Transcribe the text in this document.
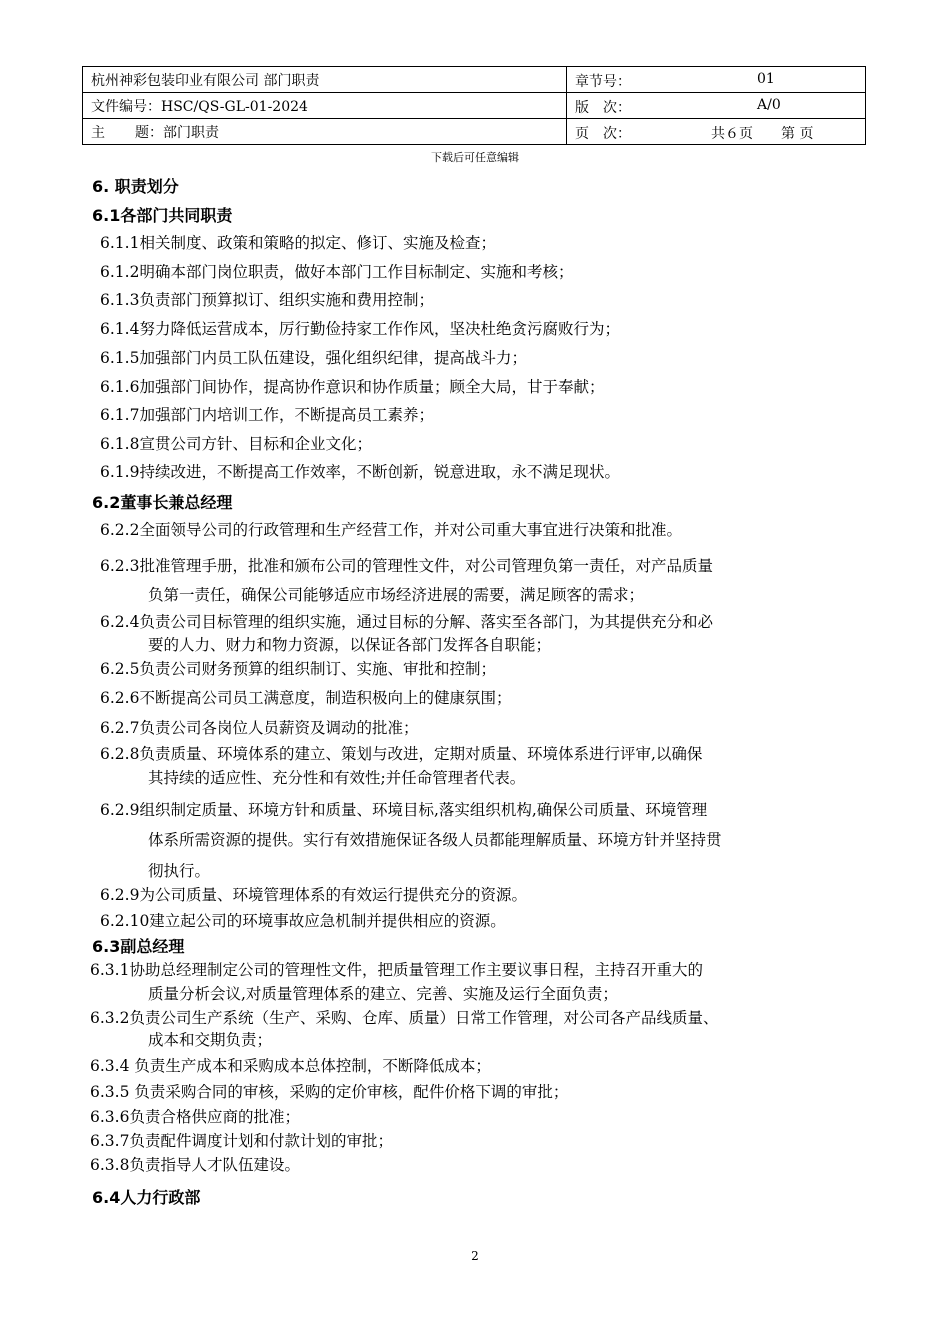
杭州神彩包装印业有限公司 部门职责	章节号： 01

文件编号：HSC/QS-GL-01-2024	版　次： A/0

主 题：部门职责	页　次： 共６页　　第 页
下载后可任意编辑
6. 职责划分
6.1各部门共同职责
6.1.1相关制度、政策和策略的拟定、修订、实施及检查；
6.1.2明确本部门岗位职责，做好本部门工作目标制定、实施和考核；
6.1.3负责部门预算拟订、组织实施和费用控制；
6.1.4努力降低运营成本，厉行勤俭持家工作作风，坚决杜绝贪污腐败行为；
6.1.5加强部门内员工队伍建设，强化组织纪律，提高战斗力；
6.1.6加强部门间协作，提高协作意识和协作质量；顾全大局，甘于奉献；
6.1.7加强部门内培训工作，不断提高员工素养；
6.1.8宣贯公司方针、目标和企业文化；
6.1.9持续改进，不断提高工作效率，不断创新，锐意进取，永不满足现状。
6.2董事长兼总经理
6.2.2全面领导公司的行政管理和生产经营工作，并对公司重大事宜进行决策和批准。
6.2.3批准管理手册，批准和颁布公司的管理性文件，对公司管理负第一责任，对产品质量
负第一责任，确保公司能够适应市场经济进展的需要，满足顾客的需求；
6.2.4负责公司目标管理的组织实施，通过目标的分解、落实至各部门，为其提供充分和必
要的人力、财力和物力资源，以保证各部门发挥各自职能；
6.2.5负责公司财务预算的组织制订、实施、审批和控制；
6.2.6不断提高公司员工满意度，制造积极向上的健康氛围；
6.2.7负责公司各岗位人员薪资及调动的批准；
6.2.8负责质量、环境体系的建立、策划与改进，定期对质量、环境体系进行评审,以确保
其持续的适应性、充分性和有效性;并任命管理者代表。
6.2.9组织制定质量、环境方针和质量、环境目标,落实组织机构,确保公司质量、环境管理
体系所需资源的提供。实行有效措施保证各级人员都能理解质量、环境方针并坚持贯
彻执行。
6.2.9为公司质量、环境管理体系的有效运行提供充分的资源。
6.2.10建立起公司的环境事故应急机制并提供相应的资源。
6.3副总经理
6.3.1协助总经理制定公司的管理性文件，把质量管理工作主要议事日程，主持召开重大的
质量分析会议,对质量管理体系的建立、完善、实施及运行全面负责；
6.3.2负责公司生产系统（生产、采购、仓库、质量）日常工作管理，对公司各产品线质量、
成本和交期负责；
6.3.4 负责生产成本和采购成本总体控制，不断降低成本；
6.3.5 负责采购合同的审核，采购的定价审核，配件价格下调的审批；
6.3.6负责合格供应商的批准；
6.3.7负责配件调度计划和付款计划的审批；
6.3.8负责指导人才队伍建设。
6.4人力行政部
2
